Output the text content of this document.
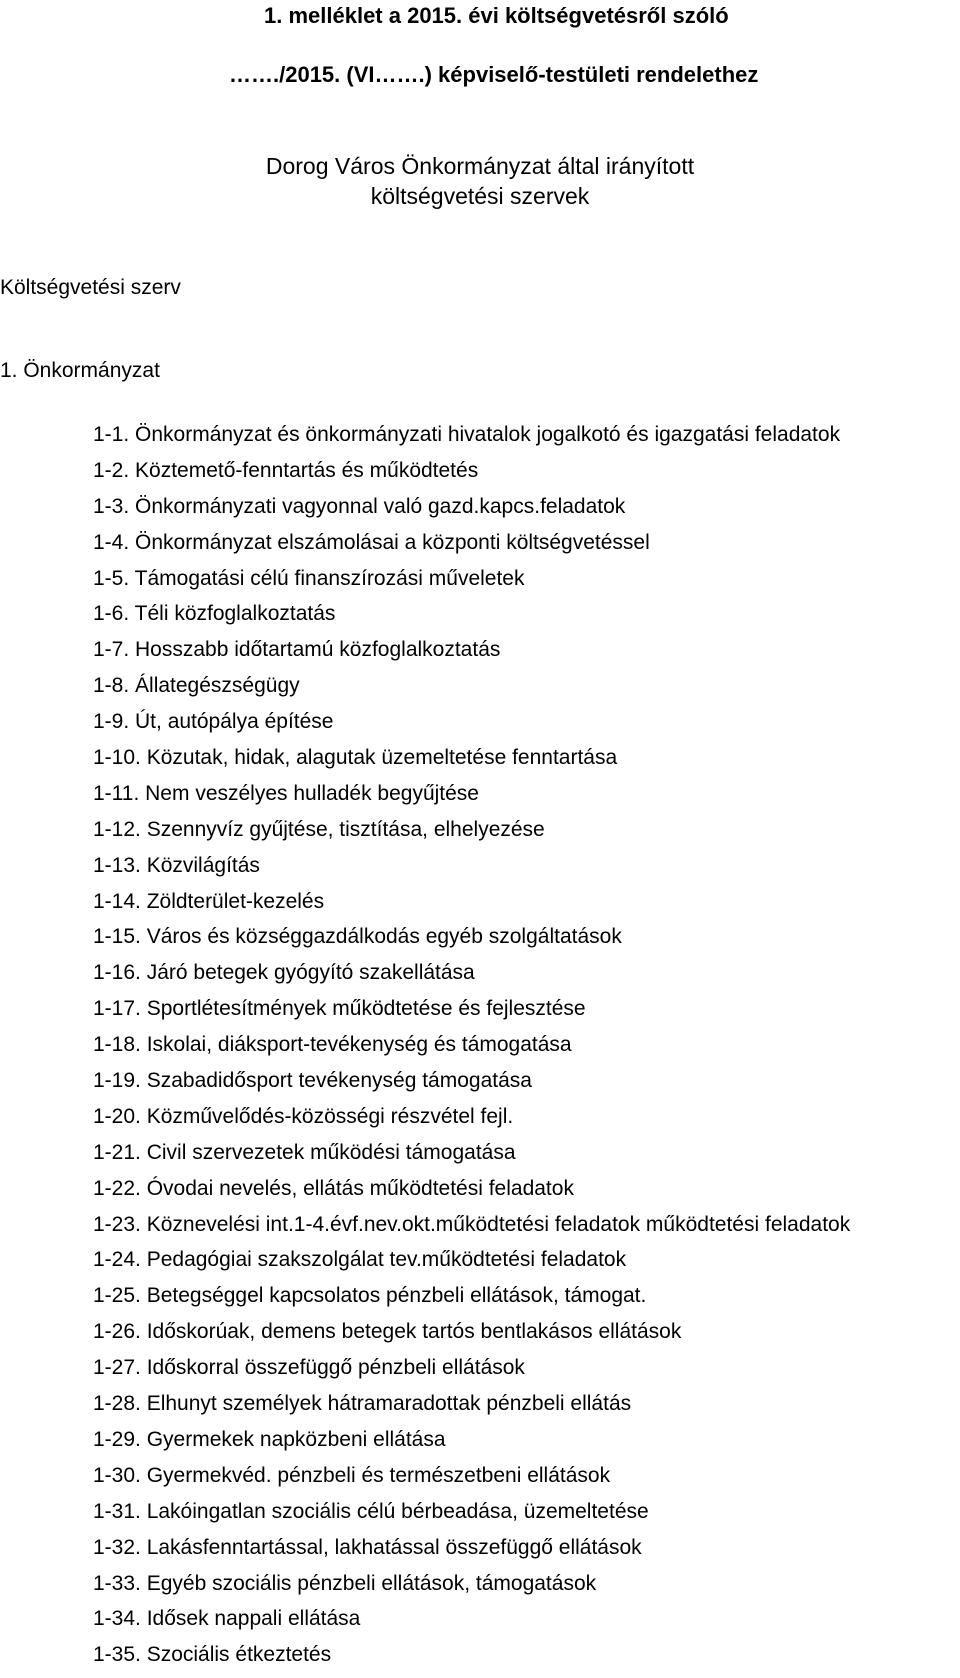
1. melléklet a 2015. évi költségvetésről szóló
……./2015. (VI…….) képviselő-testületi rendelethez
Dorog Város Önkormányzat által irányított
költségvetési szervek
Költségvetési szerv
1. Önkormányzat
1-1. Önkormányzat és önkormányzati hivatalok jogalkotó és igazgatási feladatok
1-2. Köztemető-fenntartás és működtetés
1-3. Önkormányzati vagyonnal való gazd.kapcs.feladatok
1-4. Önkormányzat elszámolásai a központi költségvetéssel
1-5. Támogatási célú finanszírozási műveletek
1-6. Téli közfoglalkoztatás
1-7. Hosszabb időtartamú közfoglalkoztatás
1-8. Állategészségügy
1-9. Út, autópálya építése
1-10. Közutak, hidak, alagutak üzemeltetése fenntartása
1-11. Nem veszélyes hulladék begyűjtése
1-12. Szennyvíz gyűjtése, tisztítása, elhelyezése
1-13. Közvilágítás
1-14. Zöldterület-kezelés
1-15. Város és községgazdálkodás egyéb szolgáltatások
1-16. Járó betegek gyógyító szakellátása
1-17. Sportlétesítmények működtetése és fejlesztése
1-18. Iskolai, diáksport-tevékenység és támogatása
1-19. Szabadidősport tevékenység támogatása
1-20. Közművelődés-közösségi részvétel fejl.
1-21. Civil szervezetek működési támogatása
1-22. Óvodai nevelés, ellátás működtetési feladatok
1-23. Köznevelési int.1-4.évf.nev.okt.működtetési feladatok működtetési feladatok
1-24. Pedagógiai szakszolgálat tev.működtetési feladatok
1-25. Betegséggel kapcsolatos pénzbeli ellátások, támogat.
1-26. Időskorúak, demens betegek tartós bentlakásos ellátások
1-27. Időskorral összefüggő pénzbeli ellátások
1-28. Elhunyt személyek hátramaradottak pénzbeli ellátás
1-29. Gyermekek napközbeni ellátása
1-30. Gyermekvéd. pénzbeli és természetbeni ellátások
1-31. Lakóingatlan szociális célú bérbeadása, üzemeltetése
1-32. Lakásfenntartással, lakhatással összefüggő ellátások
1-33. Egyéb szociális pénzbeli ellátások, támogatások
1-34. Idősek nappali ellátása
1-35. Szociális étkeztetés
